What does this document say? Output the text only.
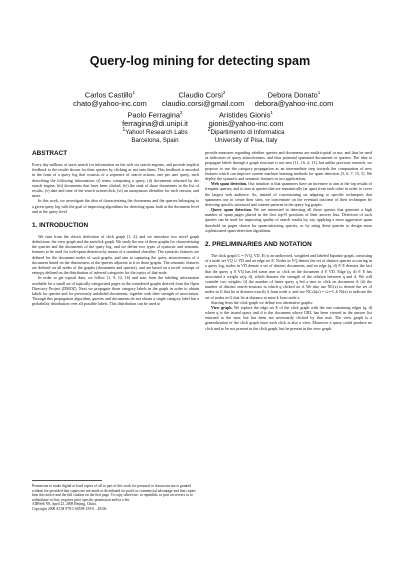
Query-log mining for detecting spam
Carlos Castillo$^1$
chato@yahoo-inc.com
Claudio Corsi$^2$
claudio.corsi@gmail.com
Debora Donato$^1$
debora@yahoo-inc.com
Paolo Ferragina$^2$
ferragina@di.unipi.it
Aristides Gionis$^1$
gionis@yahoo-inc.com
$^1$Yahoo! Research Labs
Barcelona, Spain
$^2$Dipartimento di Informatica
University of Pisa, Italy
ABSTRACT

Every day millions of users search for information on the web via search engines, and provide implicit feedback to the results shown for their queries by clicking or not onto them. This feedback is encoded in the form of a query log that consists of a sequence of search actions, one per user query, each describing the following information: (i) terms composing a query, (ii) documents returned by the search engine, (iii) documents that have been clicked, (iv) the rank of those documents in the list of results, (v) date and time of the search action/click, (vi) an anonymous identifier for each session, and more.

In this work, we investigate the idea of characterizing the documents and the queries belonging to a given query log with the goal of improving algorithms for detecting spam, both at the document level and at the query level.

1. INTRODUCTION

We start from the classic definition of click graph [1, 4], and we introduce two novel graph definitions: the view graph and the anticlick graph. We study the use of these graphs for characterizing the queries and the documents of the query log, and we define two types of syntactic and semantic features to be used for web-spam detection by means of a standard classifier. The syntactic features are defined for the document nodes of such graphs, and aim at capturing the query attractiveness of a document based on the distinctness of the queries adjacent to it in those graphs. The semantic features are defined on all nodes of the graphs (documents and queries), and are based on a novel concept of entropy defined on the distribution of inferred categories for the topics of that node.

In order to get topical data, we follow [1, 9, 12, 16] and start from the labeling information available for a small set of topically-categorized pages in the considered graphs derived from the Open Directory Project (DMOZ). Next we propagate those category labels in the graph in order to obtain labels for queries and for previously unlabeled documents, together with their strength of association. Through this propagation algorithm, queries and documents do not obtain a single category label but a probability distribution over all possible labels. This distribution can be used to

Permission to make digital or hard copies of all or part of this work for personal or classroom use is granted without fee provided that copies are not made or distributed for profit or commercial advantage and that copies bear this notice and the full citation on the first page. To copy otherwise, to republish, to post on servers or to redistribute to lists, requires prior specific permission and/or a fee.
AIRWeb '08, April 22, 2008 Beijing, China.
Copyright 2008 ACM 978-1-60558-159-0 ...$5.00.

provide measures regarding whether queries and documents are multi-topical or not, and thus be used as indicators of query attractiveness, and thus potential spammed documents or queries. The idea to propagate labels through a graph structure is not new [11, 16, 4, 13], but unlike previous research, we propose to use the category propagation as an intermediate step towards the computation of new features which can improve current machine learning methods for spam detection [3, 6, 7, 15, 5]. We deploy the syntactic and semantic features in two applications:

Web spam detection. Our intuition is that spammers have an incentive to aim at the top results of frequent queries, and to aim at queries that are semantically far apart from each other in order to cover the largest web audience. So, instead of concentrating on adapting to specific techniques that spammers use to create their sites, we concentrate on the eventual outcome of their techniques by detecting specific structural and content patterns in the query log graphs.

Query spam detection. We are interested in detecting all those queries that generate a high number of spam pages placed in the first top-N positions of their answer lists. Detection of such queries can be used for improving quality of search results by, say, applying a more aggressive spam threshold on pages shown for spam-attracting queries, or by using these queries to design more sophisticated spam-detection algorithms.

2. PRELIMINARIES AND NOTATION

The click graph C = (VQ, VD, E) is an undirected, weighted and labeled bipartite graph, consisting of a node set VQ ∪ VD and an edge set E. Nodes in VQ denote the set of distinct queries occurring in a query log, nodes in VD denote a set of distinct documents, and an edge (q, d) ∈ E denotes the fact that the query q ∈ VQ has led some user to click on the document d ∈ VD. Edge (q, d) ∈ E has associated a weight w(q, d), which denotes the strength of the relation between q and d. We will consider two weights: (i) the number of times query q led a user to click on document d; (ii) the number of distinct search-sessions in which q clicked on d. We also use NC(x) to denote the set of nodes in G that lie at distance exactly k from node x, and use NC≤k(x) = ∪i=1..k Ni(x) to indicate the set of nodes in G that lie at distance at most k from node x.

Starting from the click-graph we define two alternative graphs:

View graph. We replace the edge set E of the click graph with the one containing edges (q, d) where q is the issued query and d is the document whose URL has been viewed in the answer list returned to the user, but has been not necessarily clicked by that user. The view graph is a generalization of the click graph since each click is also a view. Moreover a query could produce no click and so be not present in the click graph, but be present in the view graph.
